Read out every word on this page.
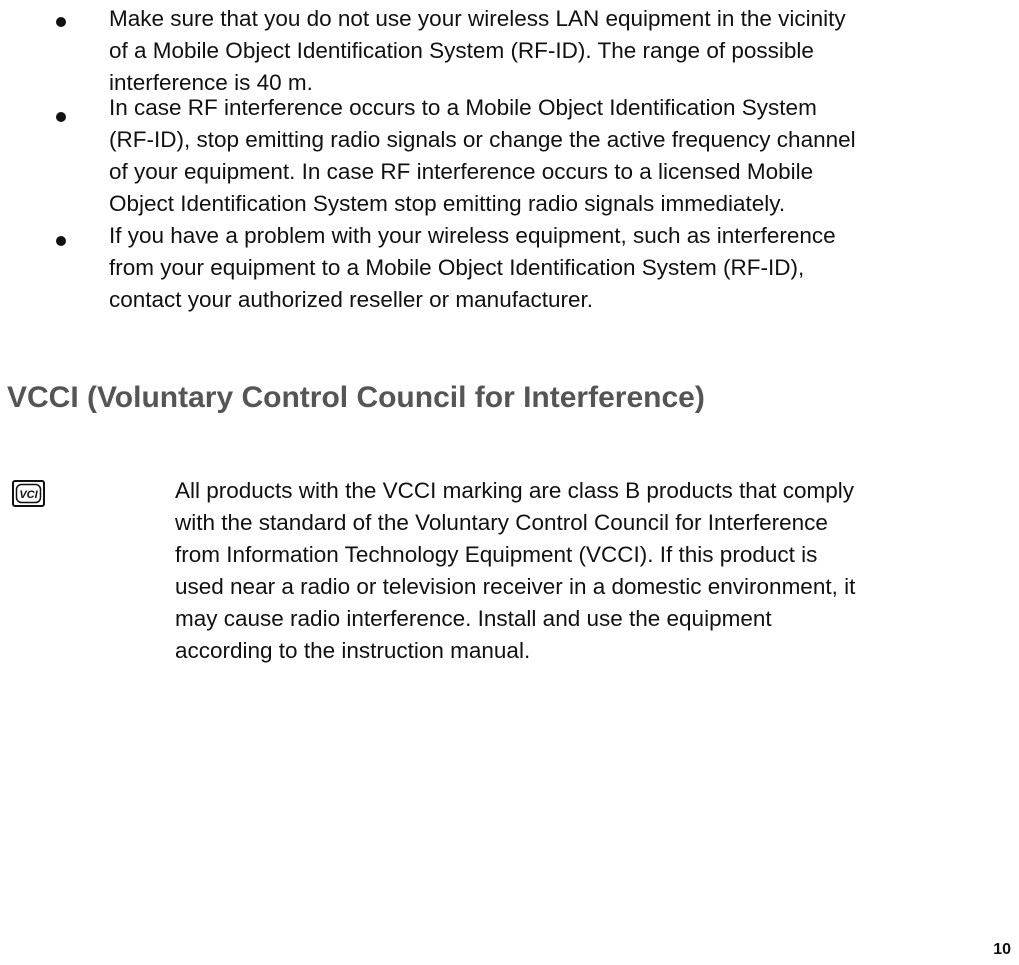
Make sure that you do not use your wireless LAN equipment in the vicinity
of a Mobile Object Identification System (RF-ID). The range of possible
interference is 40 m.

In case RF interference occurs to a Mobile Object Identification System
(RF-ID), stop emitting radio signals or change the active frequency channel
of your equipment. In case RF interference occurs to a licensed Mobile
Object Identification System stop emitting radio signals immediately.

If you have a problem with your wireless equipment, such as interference
from your equipment to a Mobile Object Identification System (RF-ID),
contact your authorized reseller or manufacturer.

VCCI (Voluntary Control Council for Interference)
VCI	All products with the VCCI marking are class B products that comply
with the standard of the Voluntary Control Council for Interference
from Information Technology Equipment (VCCI). If this product is
used near a radio or television receiver in a domestic environment, it
may cause radio interference. Install and use the equipment
according to the instruction manual.

10
